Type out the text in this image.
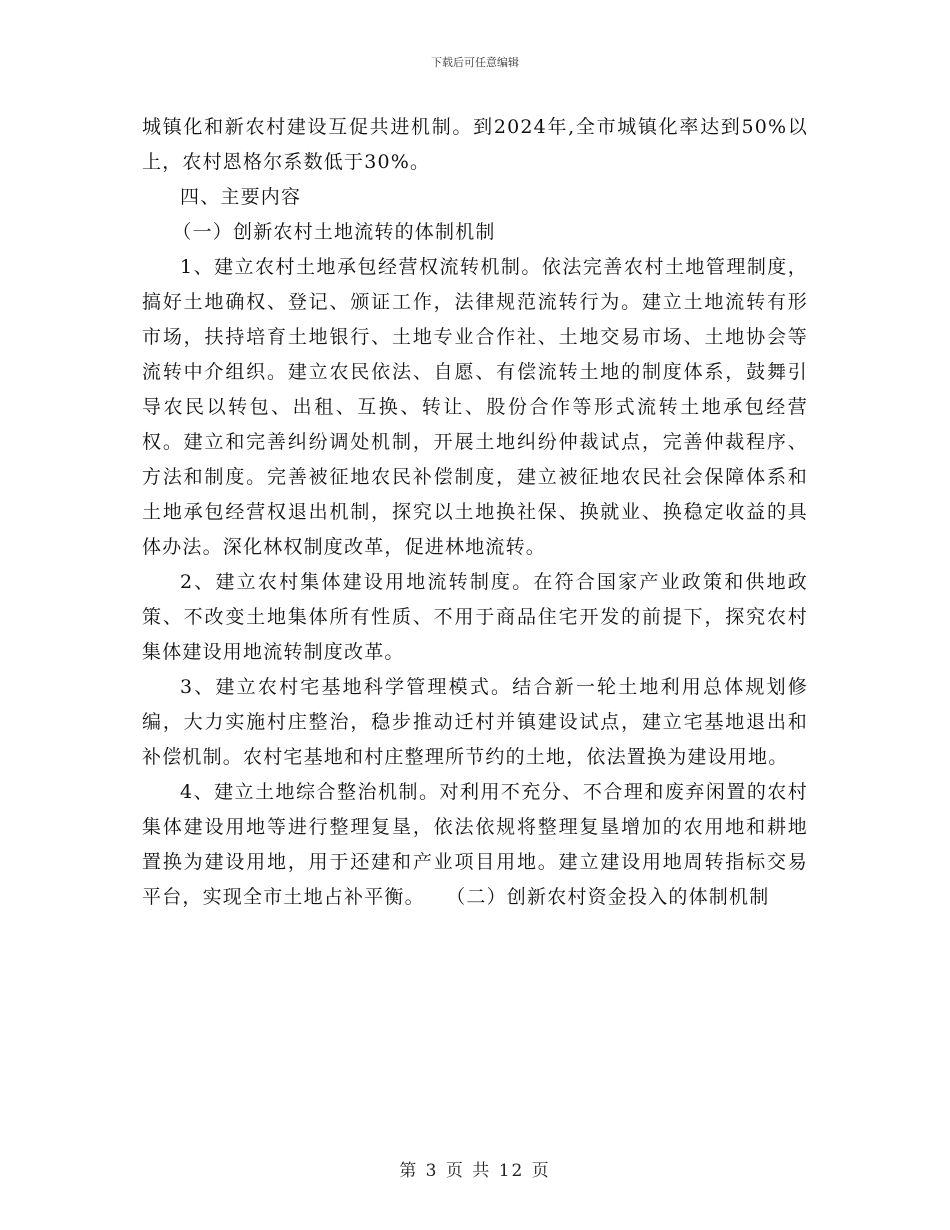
下载后可任意编辑

城镇化和新农村建设互促共进机制。到2024年,全市城镇化率达到50%以上，农村恩格尔系数低于30%。

四、主要内容

（一）创新农村土地流转的体制机制

1、建立农村土地承包经营权流转机制。依法完善农村土地管理制度，搞好土地确权、登记、颁证工作，法律规范流转行为。建立土地流转有形市场，扶持培育土地银行、土地专业合作社、土地交易市场、土地协会等流转中介组织。建立农民依法、自愿、有偿流转土地的制度体系，鼓舞引导农民以转包、出租、互换、转让、股份合作等形式流转土地承包经营权。建立和完善纠纷调处机制，开展土地纠纷仲裁试点，完善仲裁程序、方法和制度。完善被征地农民补偿制度，建立被征地农民社会保障体系和土地承包经营权退出机制，探究以土地换社保、换就业、换稳定收益的具体办法。深化林权制度改革，促进林地流转。

2、建立农村集体建设用地流转制度。在符合国家产业政策和供地政策、不改变土地集体所有性质、不用于商品住宅开发的前提下，探究农村集体建设用地流转制度改革。

3、建立农村宅基地科学管理模式。结合新一轮土地利用总体规划修编，大力实施村庄整治，稳步推动迁村并镇建设试点，建立宅基地退出和补偿机制。农村宅基地和村庄整理所节约的土地，依法置换为建设用地。

4、建立土地综合整治机制。对利用不充分、不合理和废弃闲置的农村集体建设用地等进行整理复垦，依法依规将整理复垦增加的农用地和耕地置换为建设用地，用于还建和产业项目用地。建立建设用地周转指标交易平台，实现全市土地占补平衡。　　（二）创新农村资金投入的体制机制

第 3 页 共 12 页
